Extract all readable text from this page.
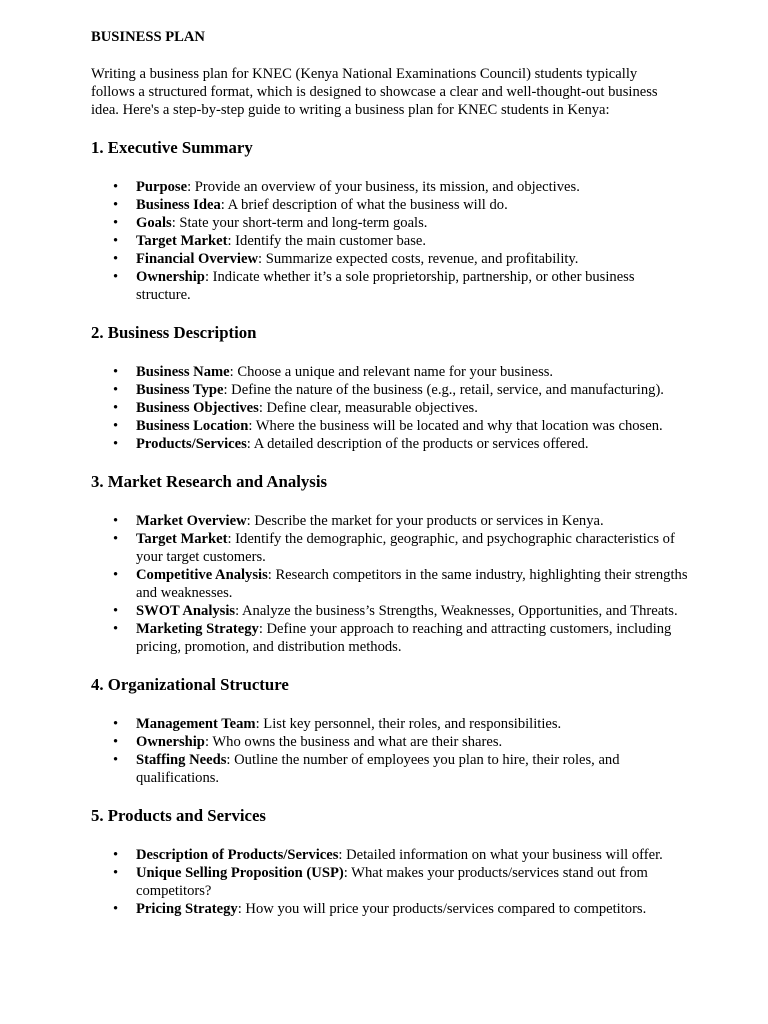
BUSINESS PLAN

Writing a business plan for KNEC (Kenya National Examinations Council) students typically follows a structured format, which is designed to showcase a clear and well-thought-out business idea. Here's a step-by-step guide to writing a business plan for KNEC students in Kenya:

1. Executive Summary
• Purpose: Provide an overview of your business, its mission, and objectives.
• Business Idea: A brief description of what the business will do.
• Goals: State your short-term and long-term goals.
• Target Market: Identify the main customer base.
• Financial Overview: Summarize expected costs, revenue, and profitability.
• Ownership: Indicate whether it’s a sole proprietorship, partnership, or other business structure.
2. Business Description
• Business Name: Choose a unique and relevant name for your business.
• Business Type: Define the nature of the business (e.g., retail, service, and manufacturing).
• Business Objectives: Define clear, measurable objectives.
• Business Location: Where the business will be located and why that location was chosen.
• Products/Services: A detailed description of the products or services offered.
3. Market Research and Analysis
• Market Overview: Describe the market for your products or services in Kenya.
• Target Market: Identify the demographic, geographic, and psychographic characteristics of your target customers.
• Competitive Analysis: Research competitors in the same industry, highlighting their strengths and weaknesses.
• SWOT Analysis: Analyze the business’s Strengths, Weaknesses, Opportunities, and Threats.
• Marketing Strategy: Define your approach to reaching and attracting customers, including pricing, promotion, and distribution methods.
4. Organizational Structure
• Management Team: List key personnel, their roles, and responsibilities.
• Ownership: Who owns the business and what are their shares.
• Staffing Needs: Outline the number of employees you plan to hire, their roles, and qualifications.
5. Products and Services
• Description of Products/Services: Detailed information on what your business will offer.
• Unique Selling Proposition (USP): What makes your products/services stand out from competitors?
• Pricing Strategy: How you will price your products/services compared to competitors.
